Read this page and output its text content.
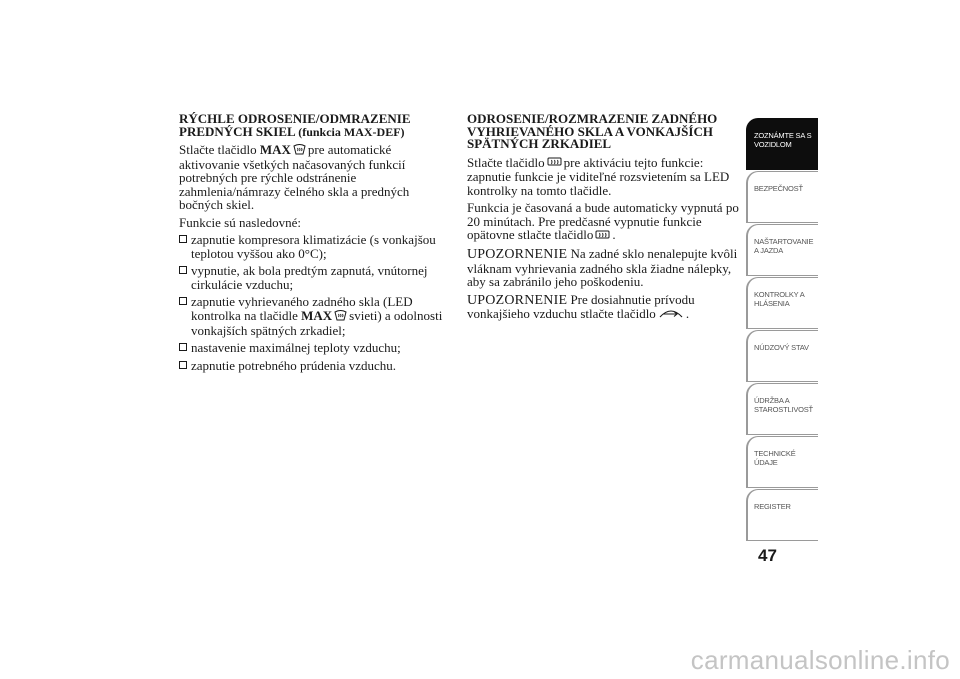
RÝCHLE ODROSENIE/ODMRAZENIE
PREDNÝCH SKIEL (funkcia MAX-DEF)

Stlačte tlačidlo MAX pre automatické aktivovanie všetkých načasovaných funkcií potrebných pre rýchle odstránenie zahmlenia/námrazy čelného skla a predných bočných skiel.

Funkcie sú nasledovné:

zapnutie kompresora klimatizácie (s vonkajšou teplotou vyššou ako 0°C);
vypnutie, ak bola predtým zapnutá, vnútornej cirkulácie vzduchu;
zapnutie vyhrievaného zadného skla (LED kontrolka na tlačidle MAX svieti) a odolnosti vonkajších spätných zrkadiel;
nastavenie maximálnej teploty vzduchu;
zapnutie potrebného prúdenia vzduchu.
ODROSENIE/ROZMRAZENIE ZADNÉHO
VYHRIEVANÉHO SKLA A VONKAJŠÍCH
SPÄTNÝCH ZRKADIEL

Stlačte tlačidlo pre aktiváciu tejto funkcie: zapnutie funkcie je viditeľné rozsvietením sa LED kontrolky na tomto tlačidle.

Funkcia je časovaná a bude automaticky vypnutá po 20 minútach. Pre predčasné vypnutie funkcie opätovne stlačte tlačidlo .

UPOZORNENIE Na zadné sklo nenalepujte kvôli vláknam vyhrievania zadného skla žiadne nálepky, aby sa zabránilo jeho poškodeniu.

UPOZORNENIE Pre dosiahnutie prívodu vonkajšieho vzduchu stlačte tlačidlo .

ZOZNÁMTE SA S
VOZIDLOM
BEZPEČNOSŤ
NAŠTARTOVANIE
A JAZDA
KONTROLKY A
HLÁSENIA
NÚDZOVÝ STAV
ÚDRŽBA A
STAROSTLIVOSŤ
TECHNICKÉ
ÚDAJE
REGISTER
47
carmanualsonline.info
